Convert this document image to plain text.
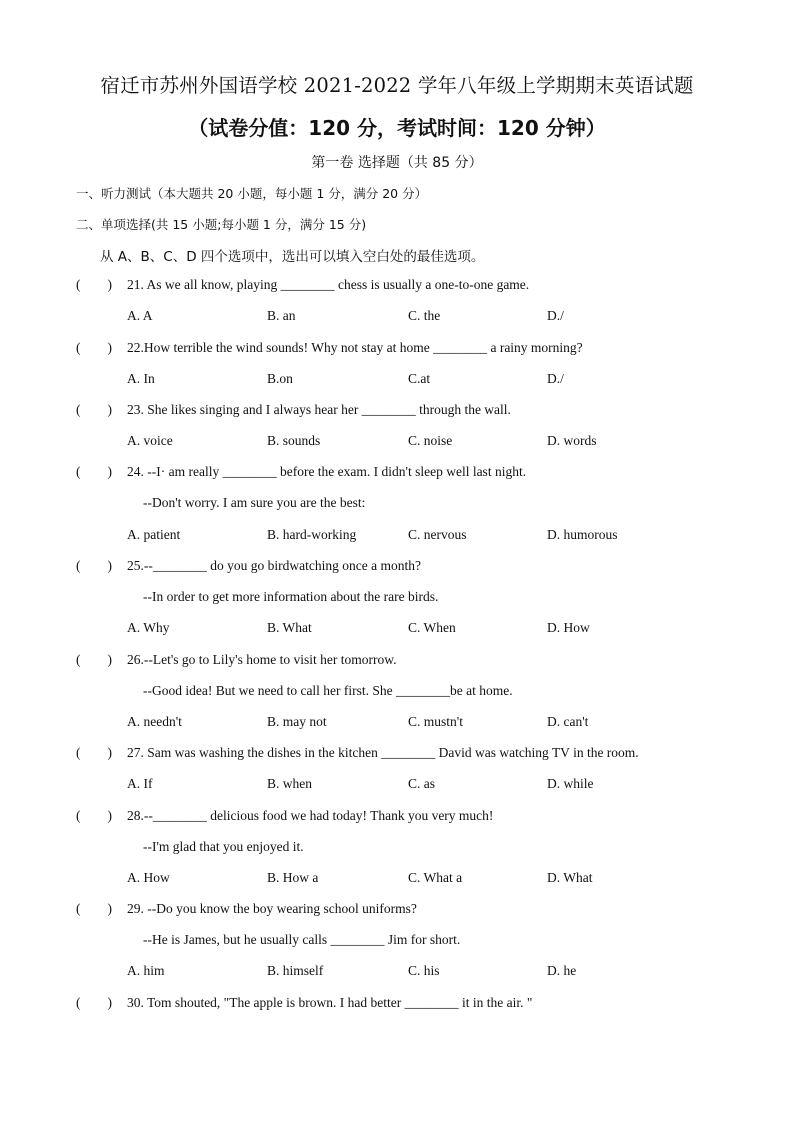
宿迁市苏州外国语学校 2021-2022 学年八年级上学期期末英语试题
（试卷分值：120 分，考试时间：120 分钟）
第一卷 选择题（共 85 分）
一、听力测试（本大题共 20 小题，每小题 1 分，满分 20 分）
二、单项选择(共 15 小题;每小题 1 分，满分 15 分)
从 A、B、C、D 四个选项中，选出可以填入空白处的最佳选项。
(        ) 21. As we all know, playing ________ chess is usually a one-to-one game.
A. A	B. an	C. the	D./
(        ) 22.How terrible the wind sounds! Why not stay at home ________ a rainy morning?
A. In	B.on	C.at	D./
(        ) 23. She likes singing and I always hear her ________ through the wall.
A. voice	B. sounds	C. noise	D. words
(        ) 24. --I· am really ________ before the exam. I didn't sleep well last night.
--Don't worry. I am sure you are the best:
A. patient	B. hard-working	C. nervous	D. humorous
(        ) 25.--________ do you go birdwatching once a month?
--In order to get more information about the rare birds.
A. Why	B. What	C. When	D. How
(        ) 26.--Let's go to Lily's home to visit her tomorrow.
--Good idea! But we need to call her first. She ________be at home.
A. needn't	B. may not	C. mustn't	D. can't
(        ) 27. Sam was washing the dishes in the kitchen ________ David was watching TV in the room.
A. If	B. when	C. as	D. while
(        ) 28.--________ delicious food we had today! Thank you very much!
--I'm glad that you enjoyed it.
A. How	B. How a	C. What a	D. What
(        ) 29. --Do you know the boy wearing school uniforms?
--He is James, but he usually calls ________ Jim for short.
A. him	B. himself	C. his	D. he
(        ) 30. Tom shouted, "The apple is brown. I had better ________ it in the air. "
